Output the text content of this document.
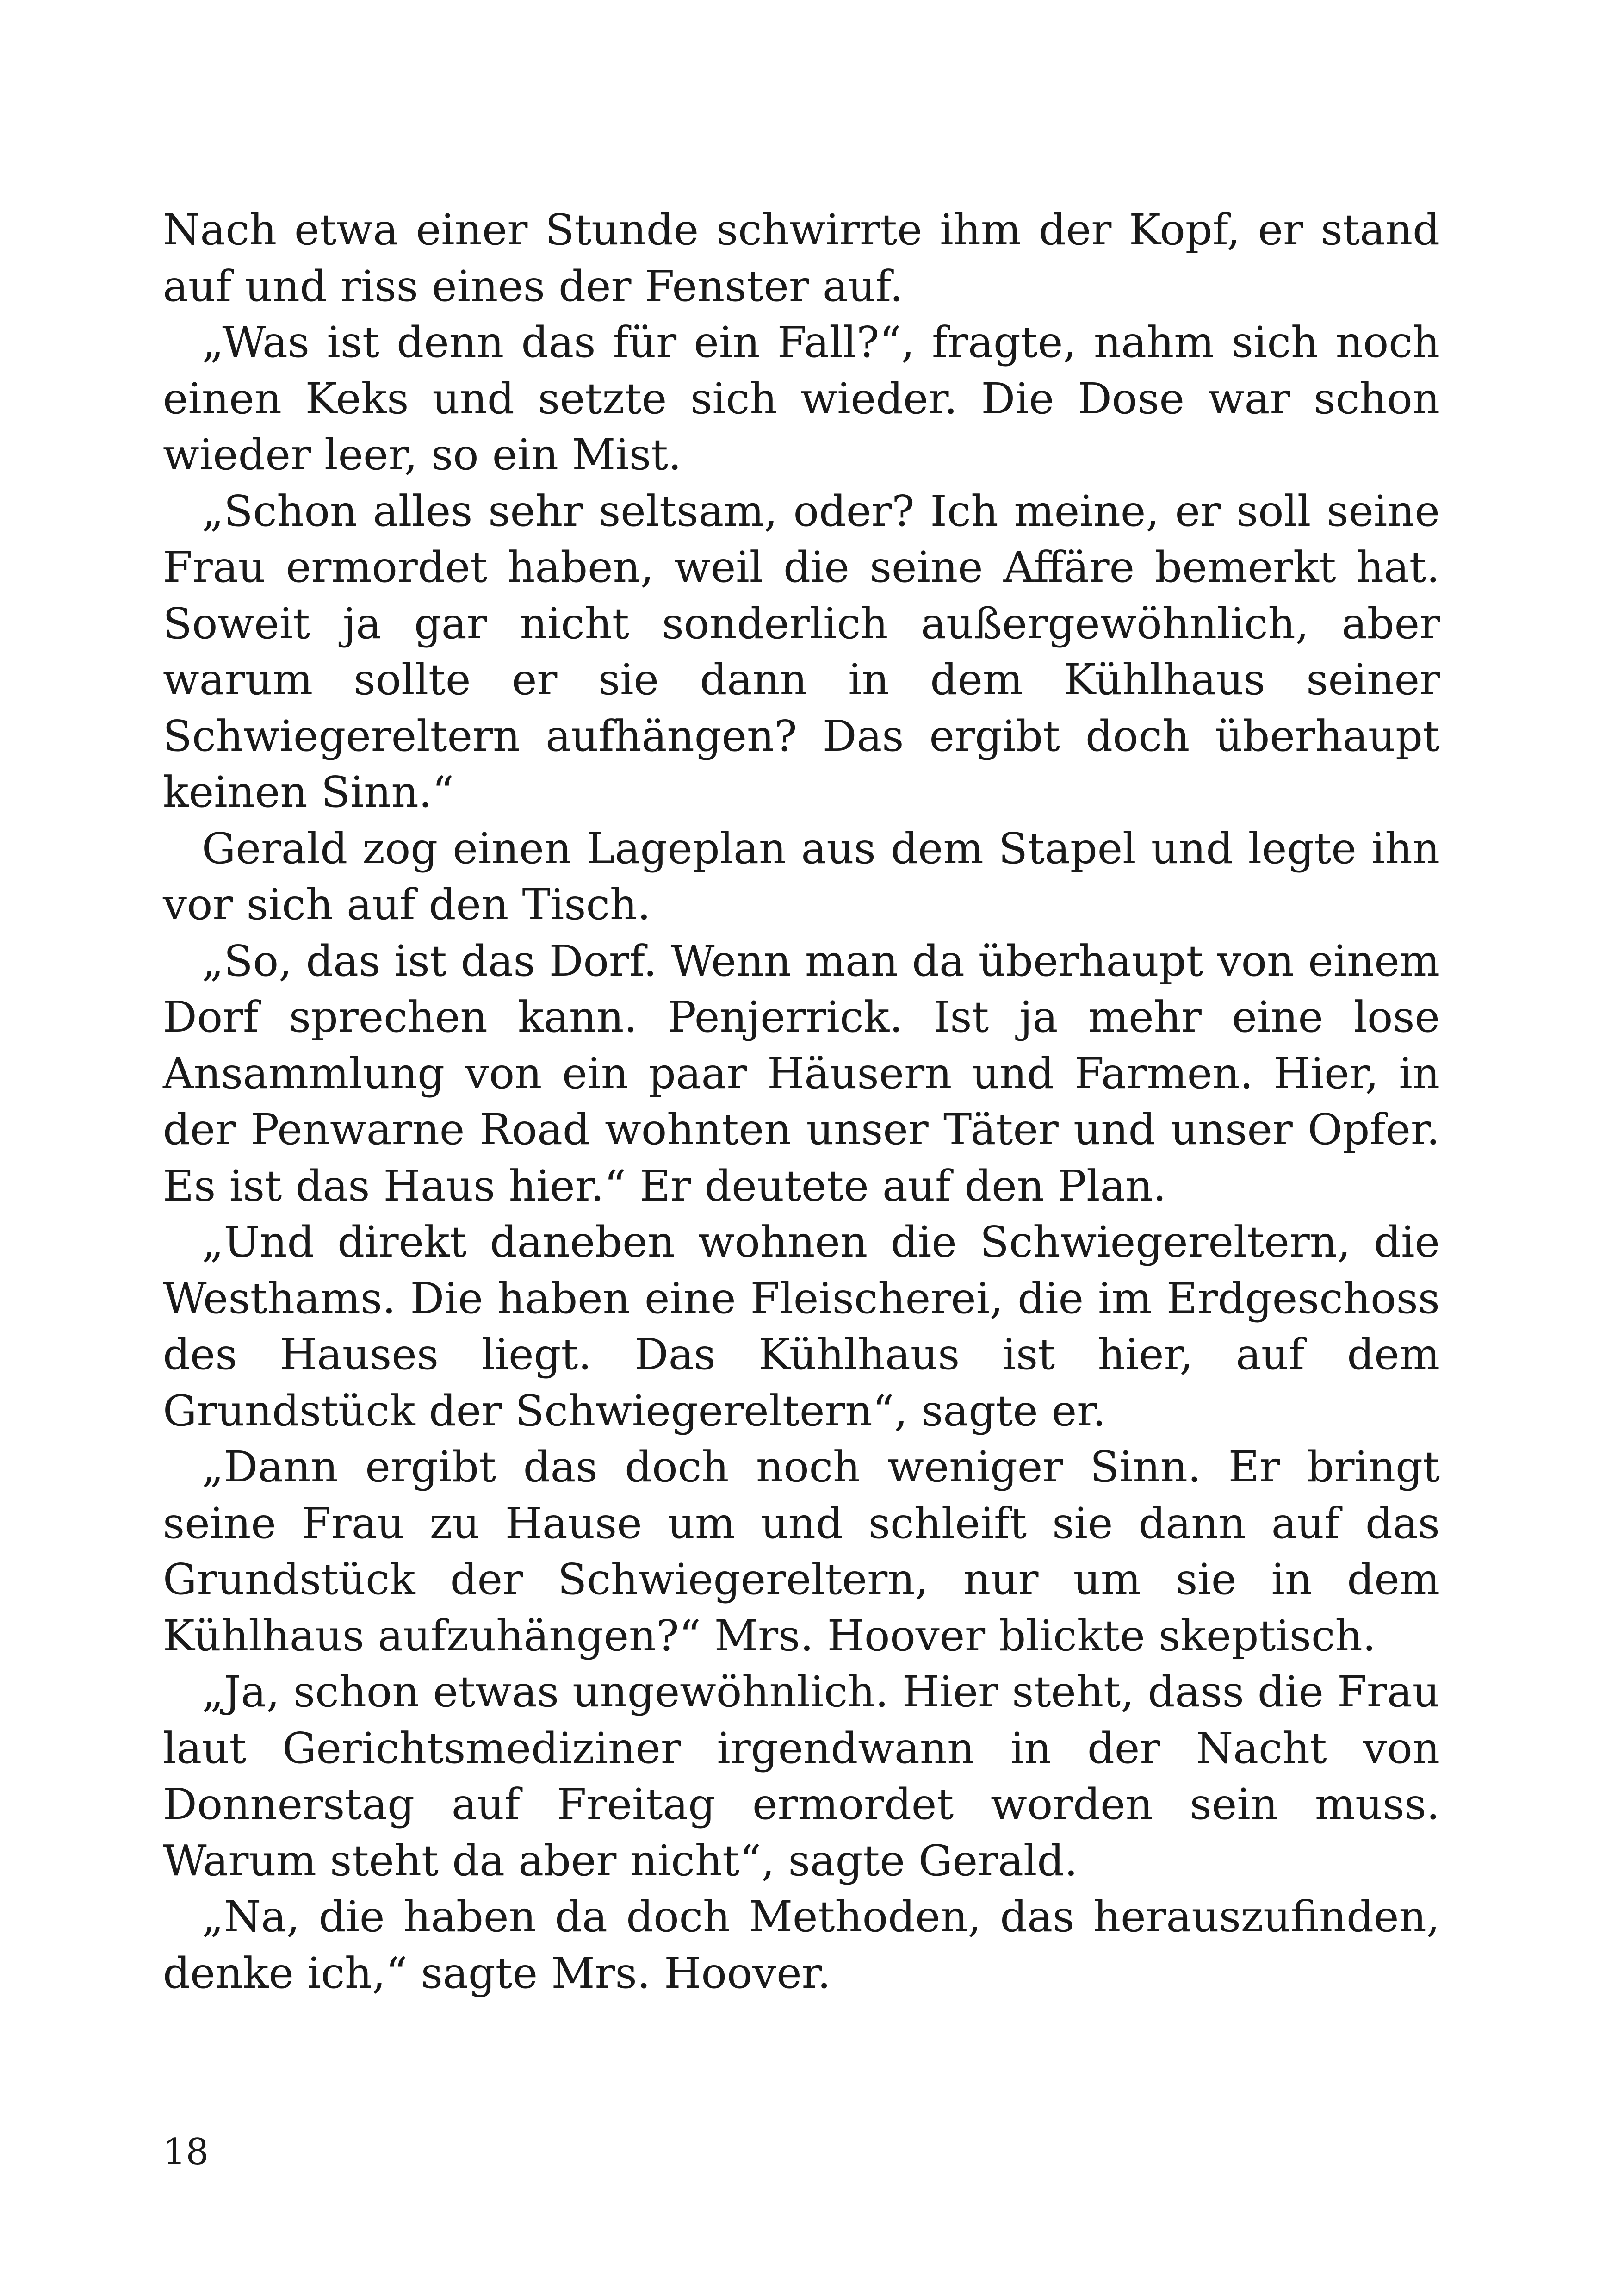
Nach etwa einer Stunde schwirrte ihm der Kopf, er stand auf und riss eines der Fenster auf.

„Was ist denn das für ein Fall?“, fragte, nahm sich noch einen Keks und setzte sich wieder. Die Dose war schon wieder leer, so ein Mist.

„Schon alles sehr seltsam, oder? Ich meine, er soll seine Frau ermordet haben, weil die seine Affäre bemerkt hat. Soweit ja gar nicht sonderlich außergewöhnlich, aber warum sollte er sie dann in dem Kühlhaus seiner Schwiegereltern aufhängen? Das ergibt doch überhaupt keinen Sinn.“

Gerald zog einen Lageplan aus dem Stapel und legte ihn vor sich auf den Tisch.

„So, das ist das Dorf. Wenn man da überhaupt von einem Dorf sprechen kann. Penjerrick. Ist ja mehr eine lose Ansammlung von ein paar Häusern und Farmen. Hier, in der Penwarne Road wohnten unser Täter und unser Opfer. Es ist das Haus hier.“ Er deutete auf den Plan.

„Und direkt daneben wohnen die Schwiegereltern, die Westhams. Die haben eine Fleischerei, die im Erdgeschoss des Hauses liegt. Das Kühlhaus ist hier, auf dem Grundstück der Schwiegereltern“, sagte er.

„Dann ergibt das doch noch weniger Sinn. Er bringt seine Frau zu Hause um und schleift sie dann auf das Grundstück der Schwiegereltern, nur um sie in dem Kühlhaus aufzuhängen?“ Mrs. Hoover blickte skeptisch.

„Ja, schon etwas ungewöhnlich. Hier steht, dass die Frau laut Gerichtsmediziner irgendwann in der Nacht von Donnerstag auf Freitag ermordet worden sein muss. Warum steht da aber nicht“, sagte Gerald.

„Na, die haben da doch Methoden, das herauszufinden, denke ich,“ sagte Mrs. Hoover.

18
